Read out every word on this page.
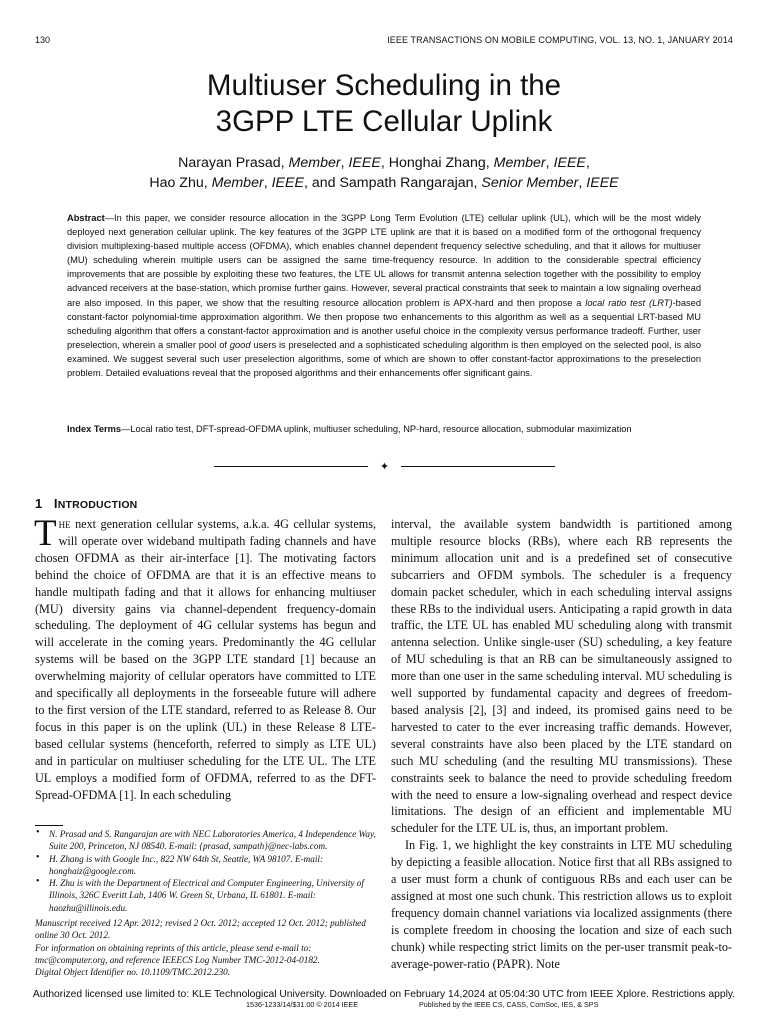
130	IEEE TRANSACTIONS ON MOBILE COMPUTING, VOL. 13, NO. 1, JANUARY 2014
Multiuser Scheduling in the
3GPP LTE Cellular Uplink
Narayan Prasad, Member, IEEE, Honghai Zhang, Member, IEEE,
Hao Zhu, Member, IEEE, and Sampath Rangarajan, Senior Member, IEEE
Abstract—In this paper, we consider resource allocation in the 3GPP Long Term Evolution (LTE) cellular uplink (UL), which will be the most widely deployed next generation cellular uplink. The key features of the 3GPP LTE uplink are that it is based on a modified form of the orthogonal frequency division multiplexing-based multiple access (OFDMA), which enables channel dependent frequency selective scheduling, and that it allows for multiuser (MU) scheduling wherein multiple users can be assigned the same time-frequency resource. In addition to the considerable spectral efficiency improvements that are possible by exploiting these two features, the LTE UL allows for transmit antenna selection together with the possibility to employ advanced receivers at the base-station, which promise further gains. However, several practical constraints that seek to maintain a low signaling overhead are also imposed. In this paper, we show that the resulting resource allocation problem is APX-hard and then propose a local ratio test (LRT)-based constant-factor polynomial-time approximation algorithm. We then propose two enhancements to this algorithm as well as a sequential LRT-based MU scheduling algorithm that offers a constant-factor approximation and is another useful choice in the complexity versus performance tradeoff. Further, user preselection, wherein a smaller pool of good users is preselected and a sophisticated scheduling algorithm is then employed on the selected pool, is also examined. We suggest several such user preselection algorithms, some of which are shown to offer constant-factor approximations to the preselection problem. Detailed evaluations reveal that the proposed algorithms and their enhancements offer significant gains.
Index Terms—Local ratio test, DFT-spread-OFDMA uplink, multiuser scheduling, NP-hard, resource allocation, submodular maximization
✦
1 INTRODUCTION

The next generation cellular systems, a.k.a. 4G cellular systems, will operate over wideband multipath fading channels and have chosen OFDMA as their air-interface [1]. The motivating factors behind the choice of OFDMA are that it is an effective means to handle multipath fading and that it allows for enhancing multiuser (MU) diversity gains via channel-dependent frequency-domain scheduling. The deployment of 4G cellular systems has begun and will accelerate in the coming years. Predominantly the 4G cellular systems will be based on the 3GPP LTE standard [1] because an overwhelming majority of cellular operators have committed to LTE and specifically all deployments in the forseeable future will adhere to the first version of the LTE standard, referred to as Release 8. Our focus in this paper is on the uplink (UL) in these Release 8 LTE-based cellular systems (henceforth, referred to simply as LTE UL) and in particular on multiuser scheduling for the LTE UL. The LTE UL employs a modified form of OFDMA, referred to as the DFT-Spread-OFDMA [1]. In each scheduling

• N. Prasad and S. Rangarajan are with NEC Laboratories America, 4 Independence Way, Suite 200, Princeton, NJ 08540. E-mail: {prasad, sampath}@nec-labs.com.
• H. Zhang is with Google Inc., 822 NW 64th St, Seattle, WA 98107. E-mail: honghaiz@google.com.
• H. Zhu is with the Department of Electrical and Computer Engineering, University of Illinois, 326C Everitt Lab, 1406 W. Green St, Urbana, IL 61801. E-mail: haozhu@illinois.edu.
Manuscript received 12 Apr. 2012; revised 2 Oct. 2012; accepted 12 Oct. 2012; published online 30 Oct. 2012.
For information on obtaining reprints of this article, please send e-mail to: tmc@computer.org, and reference IEEECS Log Number TMC-2012-04-0182.
Digital Object Identifier no. 10.1109/TMC.2012.230.

interval, the available system bandwidth is partitioned among multiple resource blocks (RBs), where each RB represents the minimum allocation unit and is a predefined set of consecutive subcarriers and OFDM symbols. The scheduler is a frequency domain packet scheduler, which in each scheduling interval assigns these RBs to the individual users. Anticipating a rapid growth in data traffic, the LTE UL has enabled MU scheduling along with transmit antenna selection. Unlike single-user (SU) scheduling, a key feature of MU scheduling is that an RB can be simultaneously assigned to more than one user in the same scheduling interval. MU scheduling is well supported by fundamental capacity and degrees of freedom-based analysis [2], [3] and indeed, its promised gains need to be harvested to cater to the ever increasing traffic demands. However, several constraints have also been placed by the LTE standard on such MU scheduling (and the resulting MU transmissions). These constraints seek to balance the need to provide scheduling freedom with the need to ensure a low-signaling overhead and respect device limitations. The design of an efficient and implementable MU scheduler for the LTE UL is, thus, an important problem.

In Fig. 1, we highlight the key constraints in LTE MU scheduling by depicting a feasible allocation. Notice first that all RBs assigned to a user must form a chunk of contiguous RBs and each user can be assigned at most one such chunk. This restriction allows us to exploit frequency domain channel variations via localized assignments (there is complete freedom in choosing the location and size of each such chunk) while respecting strict limits on the per-user transmit peak-to-average-power-ratio (PAPR). Note

Authorized licensed use limited to: KLE Technological University. Downloaded on February 14,2024 at 05:04:30 UTC from IEEE Xplore. Restrictions apply.
1536-1233/14/$31.00 © 2014 IEEE	Published by the IEEE CS, CASS, ComSoc, IES, & SPS
